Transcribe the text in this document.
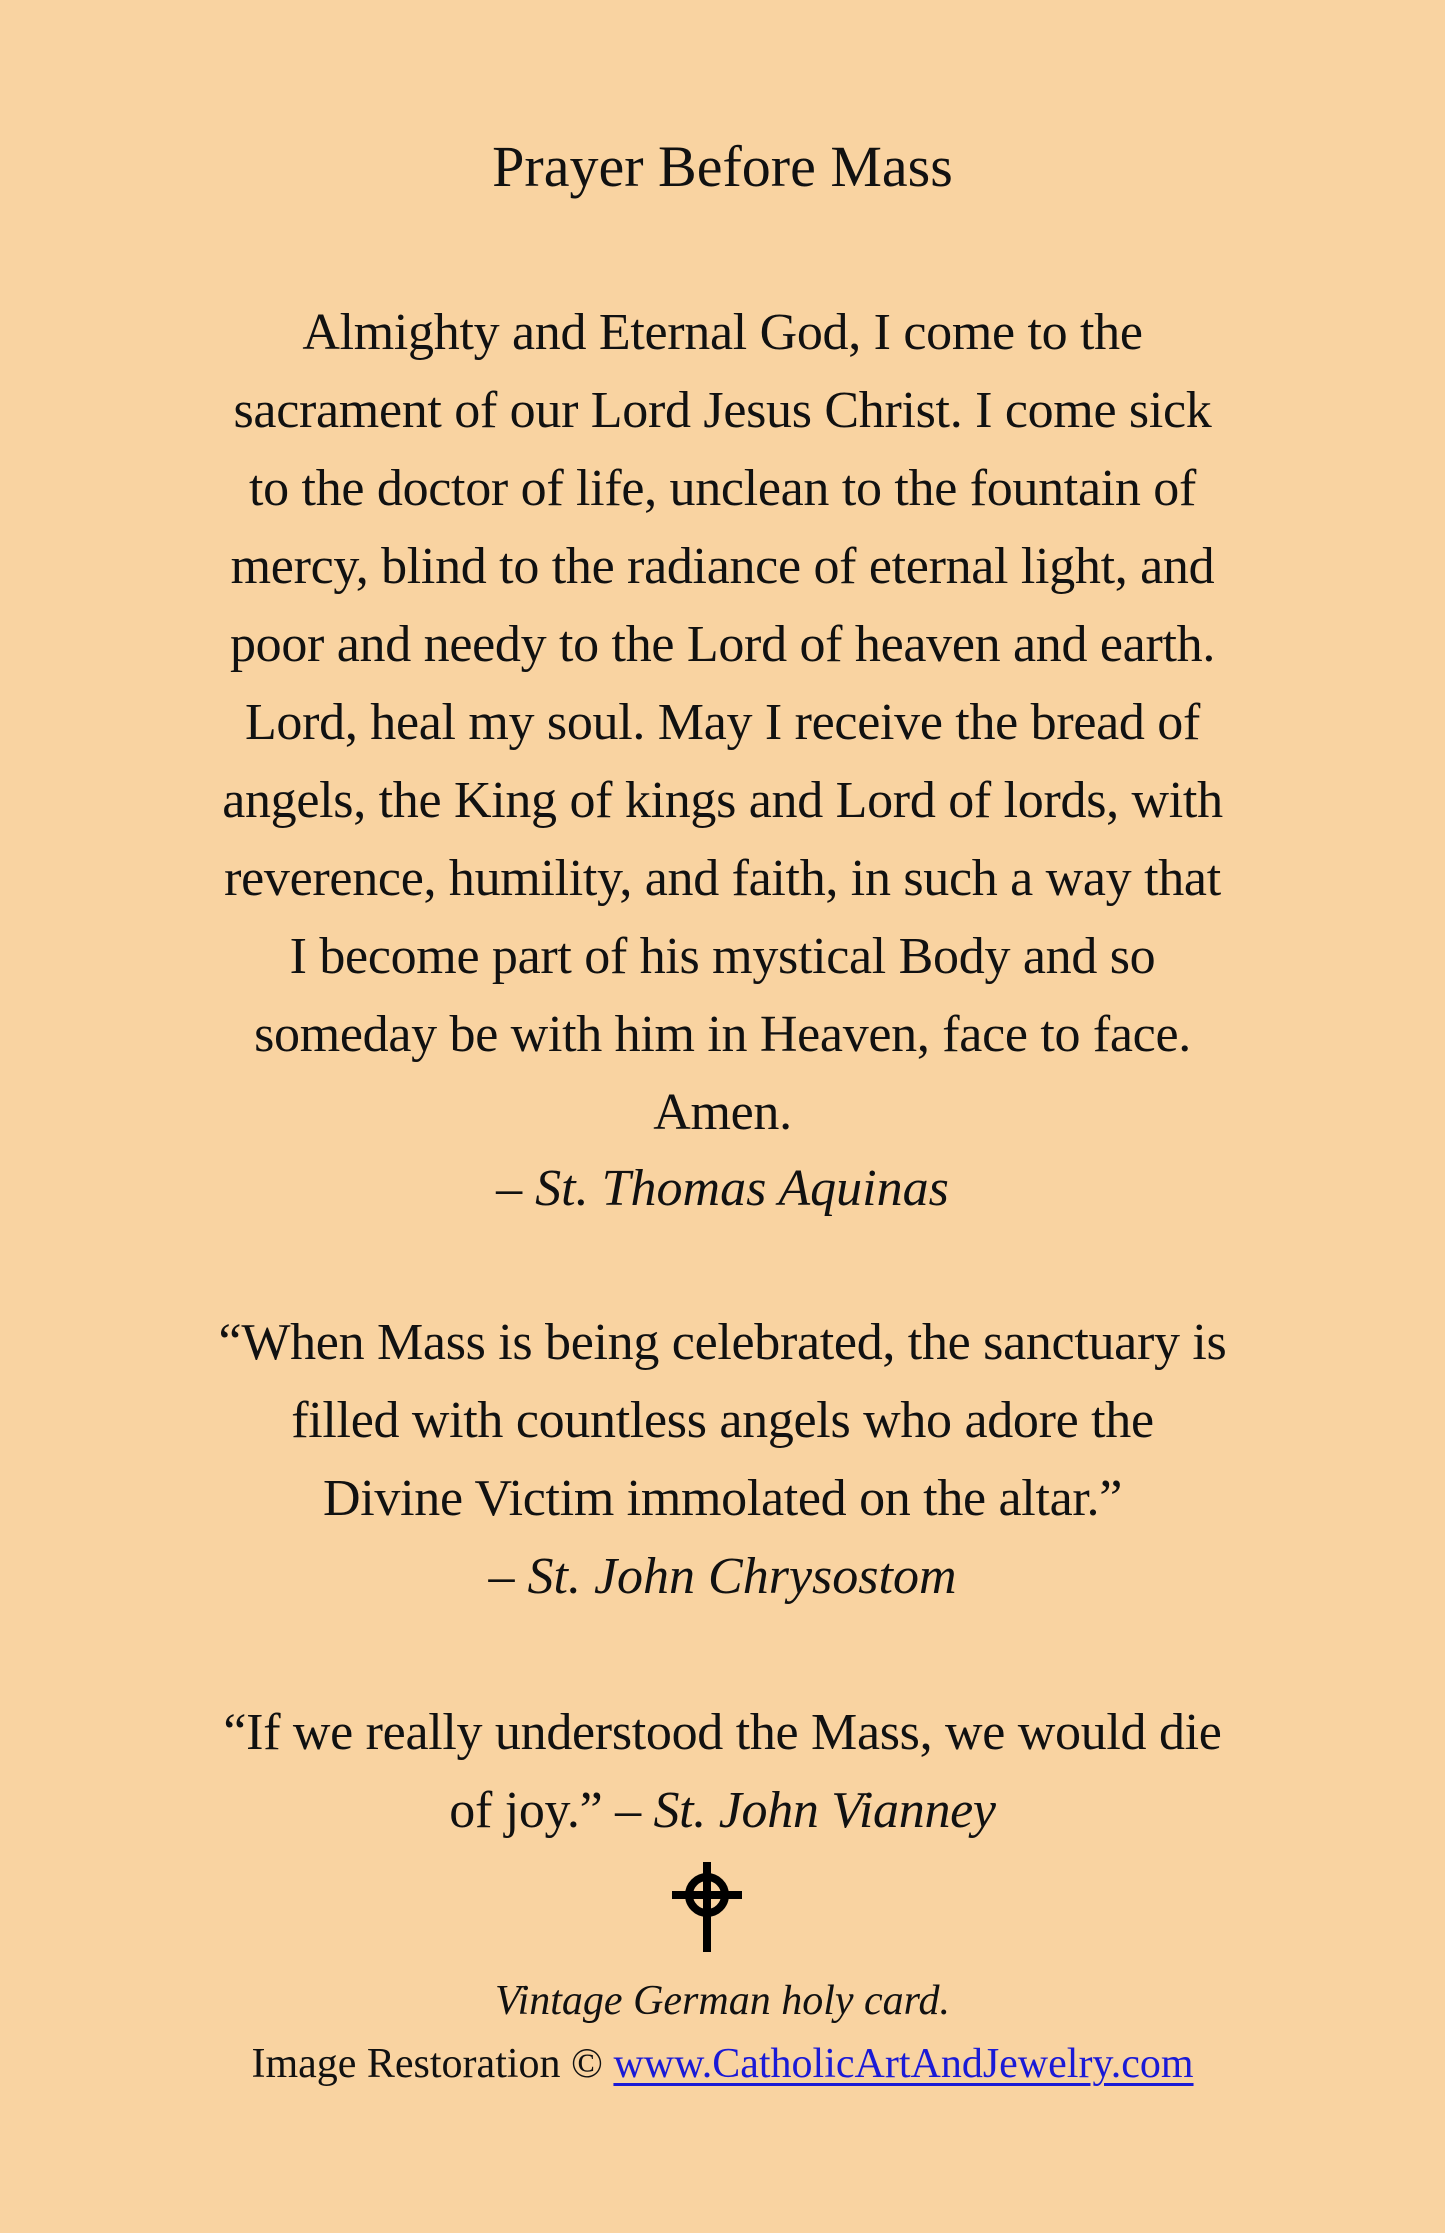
Prayer Before Mass
Almighty and Eternal God, I come to the
sacrament of our Lord Jesus Christ. I come sick
to the doctor of life, unclean to the fountain of
mercy, blind to the radiance of eternal light, and
poor and needy to the Lord of heaven and earth.
Lord, heal my soul. May I receive the bread of
angels, the King of kings and Lord of lords, with
reverence, humility, and faith, in such a way that
I become part of his mystical Body and so
someday be with him in Heaven, face to face.
Amen.
– St. Thomas Aquinas
“When Mass is being celebrated, the sanctuary is
filled with countless angels who adore the
Divine Victim immolated on the altar.”
– St. John Chrysostom
“If we really understood the Mass, we would die
of joy.” – St. John Vianney
Vintage German holy card.
Image Restoration © www.CatholicArtAndJewelry.com
